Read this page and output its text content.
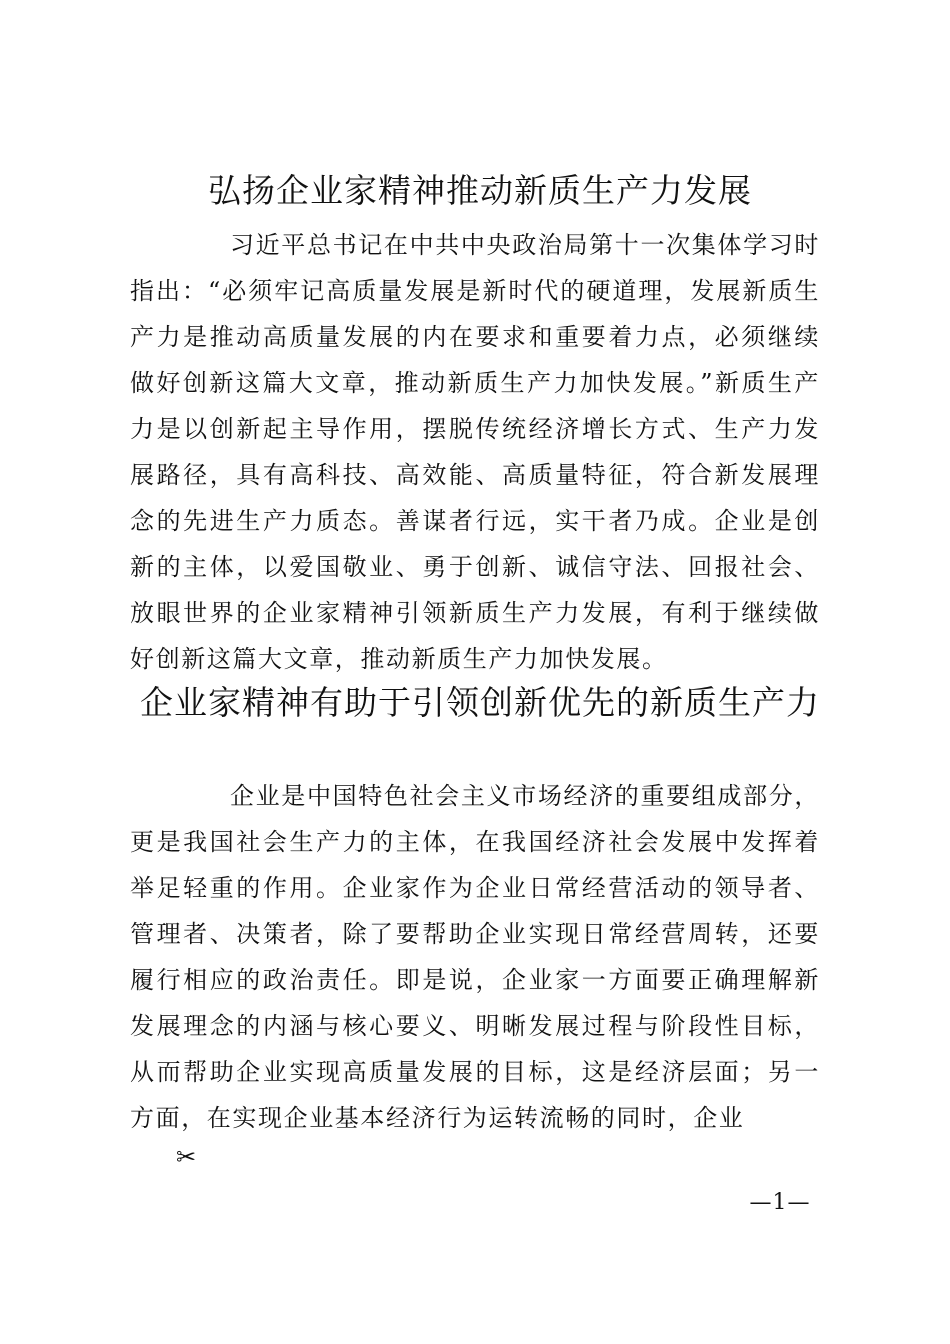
弘扬企业家精神推动新质生产力发展

习近平总书记在中共中央政治局第十一次集体学习时指出：“必须牢记高质量发展是新时代的硬道理，发展新质生产力是推动高质量发展的内在要求和重要着力点，必须继续做好创新这篇大文章，推动新质生产力加快发展。”新质生产力是以创新起主导作用，摆脱传统经济增长方式、生产力发展路径，具有高科技、高效能、高质量特征，符合新发展理念的先进生产力质态。善谋者行远，实干者乃成。企业是创新的主体，以爱国敬业、勇于创新、诚信守法、回报社会、放眼世界的企业家精神引领新质生产力发展，有利于继续做好创新这篇大文章，推动新质生产力加快发展。

企业家精神有助于引领创新优先的新质生产力

企业是中国特色社会主义市场经济的重要组成部分，更是我国社会生产力的主体，在我国经济社会发展中发挥着举足轻重的作用。企业家作为企业日常经营活动的领导者、管理者、决策者，除了要帮助企业实现日常经营周转，还要履行相应的政治责任。即是说，企业家一方面要正确理解新发展理念的内涵与核心要义、明晰发展过程与阶段性目标，从而帮助企业实现高质量发展的目标，这是经济层面；另一方面，在实现企业基本经济行为运转流畅的同时，企业

✂
—1—
